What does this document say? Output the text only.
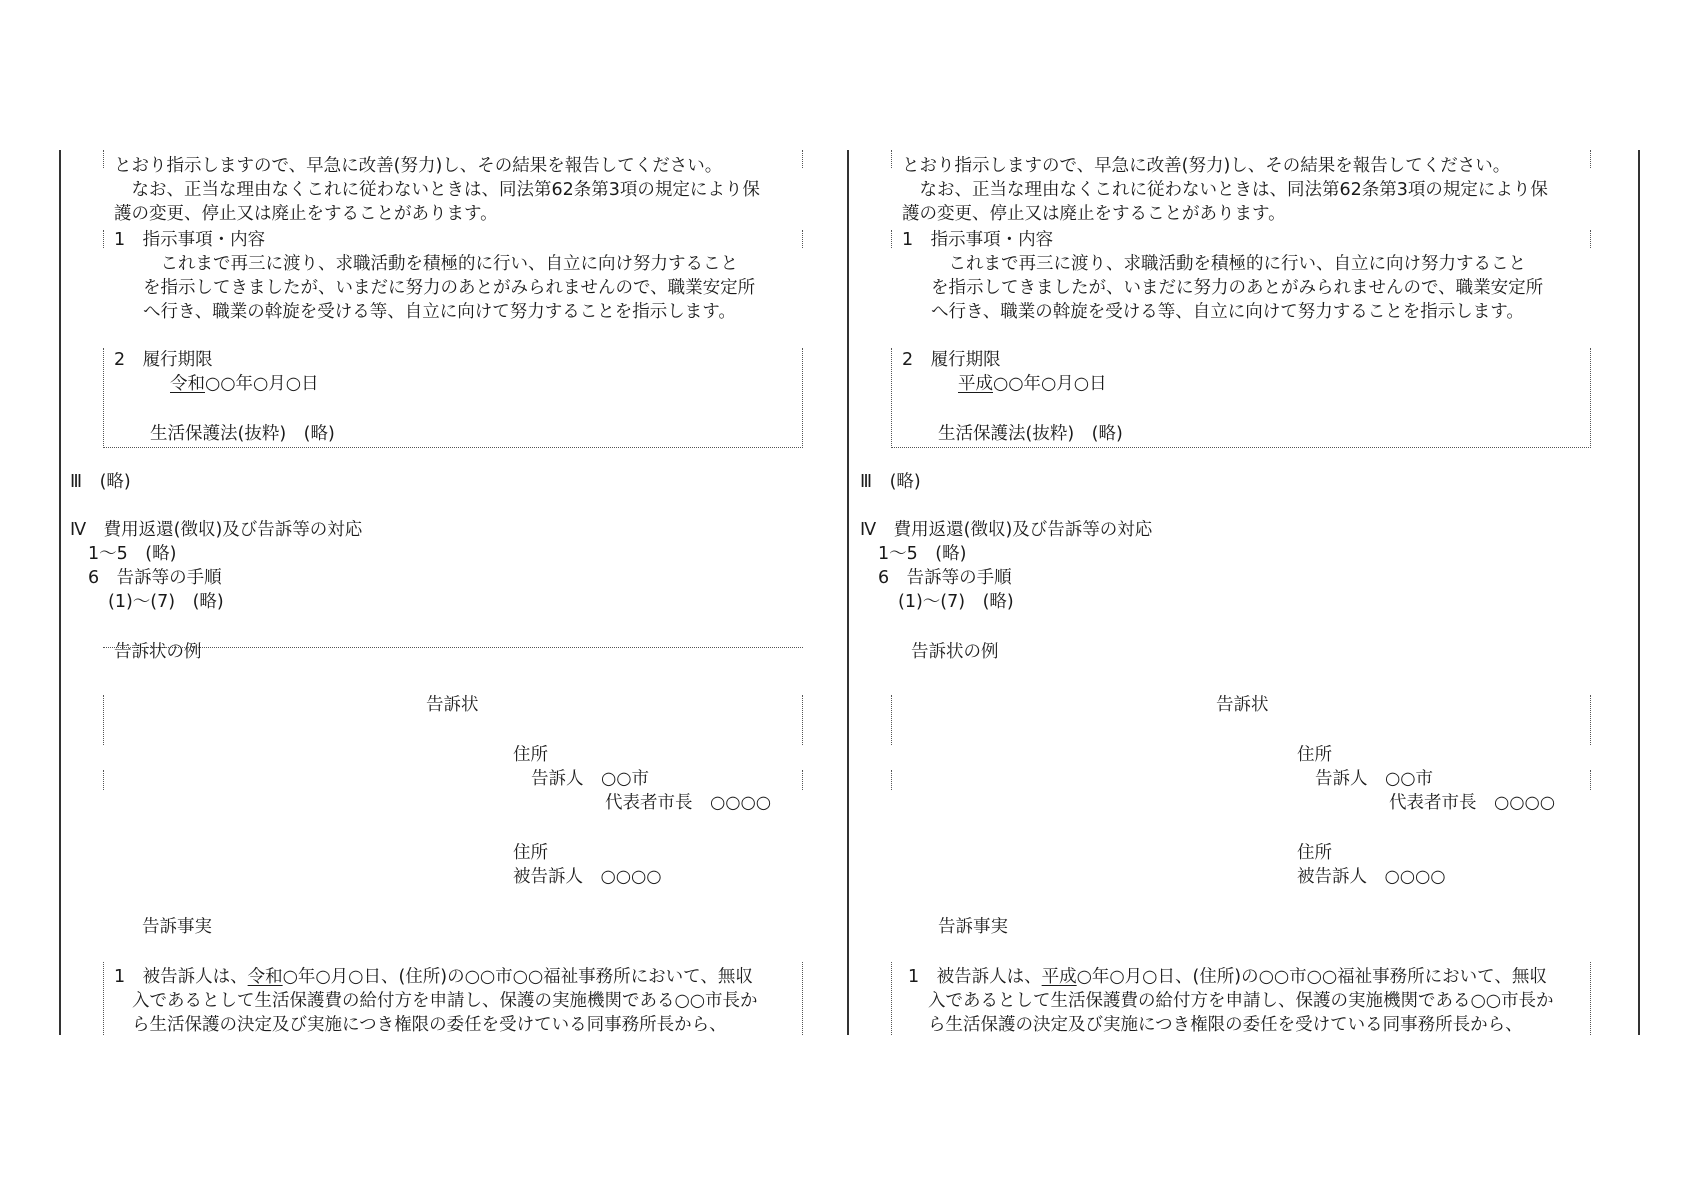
とおり指示しますので、早急に改善(努力)し、その結果を報告してください。
　なお、正当な理由なくこれに従わないときは、同法第62条第3項の規定により保
護の変更、停止又は廃止をすることがあります。
1　指示事項・内容
　これまで再三に渡り、求職活動を積極的に行い、自立に向け努力すること
を指示してきましたが、いまだに努力のあとがみられませんので、職業安定所
へ行き、職業の斡旋を受ける等、自立に向けて努力することを指示します。
2　履行期限
令和○○年○月○日
生活保護法(抜粋)　(略)
Ⅲ　(略)
Ⅳ　費用返還(徴収)及び告訴等の対応
1〜5　(略)
6　告訴等の手順
(1)〜(7)　(略)
告訴状の例
告訴状
住所
告訴人　○○市
代表者市長　○○○○
住所
被告訴人　○○○○
告訴事実
1　被告訴人は、令和○年○月○日、(住所)の○○市○○福祉事務所において、無収
入であるとして生活保護費の給付方を申請し、保護の実施機関である○○市長か
ら生活保護の決定及び実施につき権限の委任を受けている同事務所長から、
とおり指示しますので、早急に改善(努力)し、その結果を報告してください。
　なお、正当な理由なくこれに従わないときは、同法第62条第3項の規定により保
護の変更、停止又は廃止をすることがあります。
1　指示事項・内容
　これまで再三に渡り、求職活動を積極的に行い、自立に向け努力すること
を指示してきましたが、いまだに努力のあとがみられませんので、職業安定所
へ行き、職業の斡旋を受ける等、自立に向けて努力することを指示します。
2　履行期限
平成○○年○月○日
生活保護法(抜粋)　(略)
Ⅲ　(略)
Ⅳ　費用返還(徴収)及び告訴等の対応
1〜5　(略)
6　告訴等の手順
(1)〜(7)　(略)
告訴状の例
告訴状
住所
告訴人　○○市
代表者市長　○○○○
住所
被告訴人　○○○○
告訴事実
1　被告訴人は、平成○年○月○日、(住所)の○○市○○福祉事務所において、無収
入であるとして生活保護費の給付方を申請し、保護の実施機関である○○市長か
ら生活保護の決定及び実施につき権限の委任を受けている同事務所長から、
